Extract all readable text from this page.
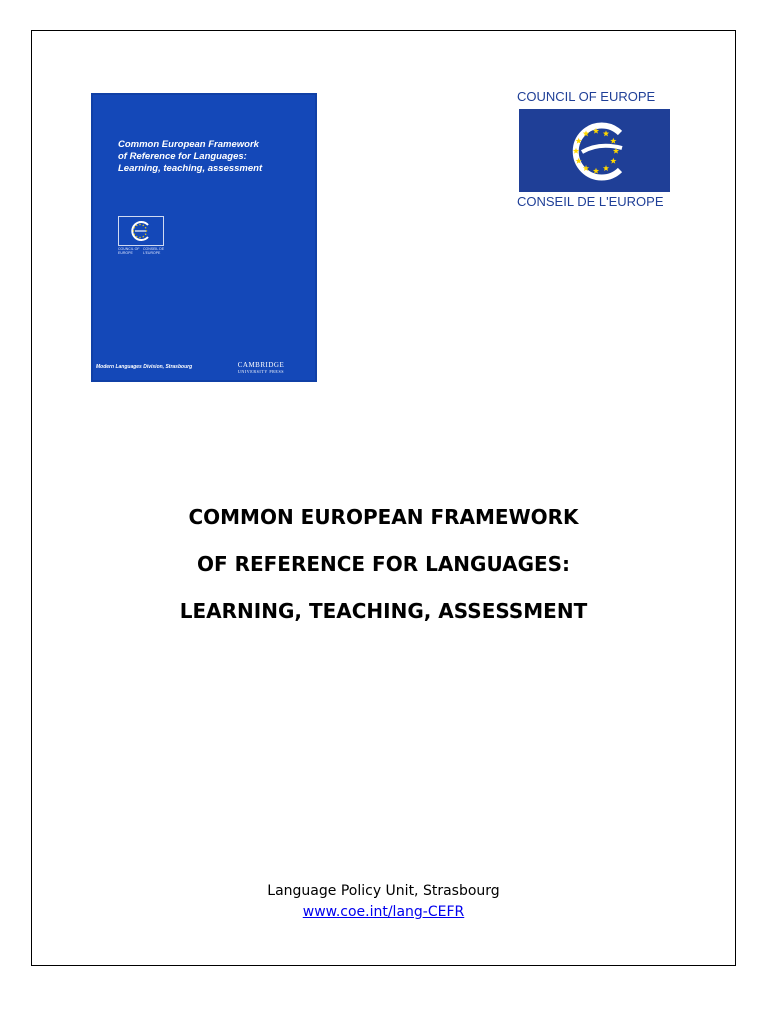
Common European Framework
of Reference for Languages:
Learning, teaching, assessment

COUNCIL OF EUROPE CONSEIL DE L'EUROPE
Modern Languages Division, Strasbourg	CAMBRIDGE
UNIVERSITY PRESS
COUNCIL OF EUROPE
CONSEIL DE L'EUROPE
COMMON EUROPEAN FRAMEWORK
OF REFERENCE FOR LANGUAGES:
LEARNING, TEACHING, ASSESSMENT
Language Policy Unit, Strasbourg
www.coe.int/lang-CEFR
